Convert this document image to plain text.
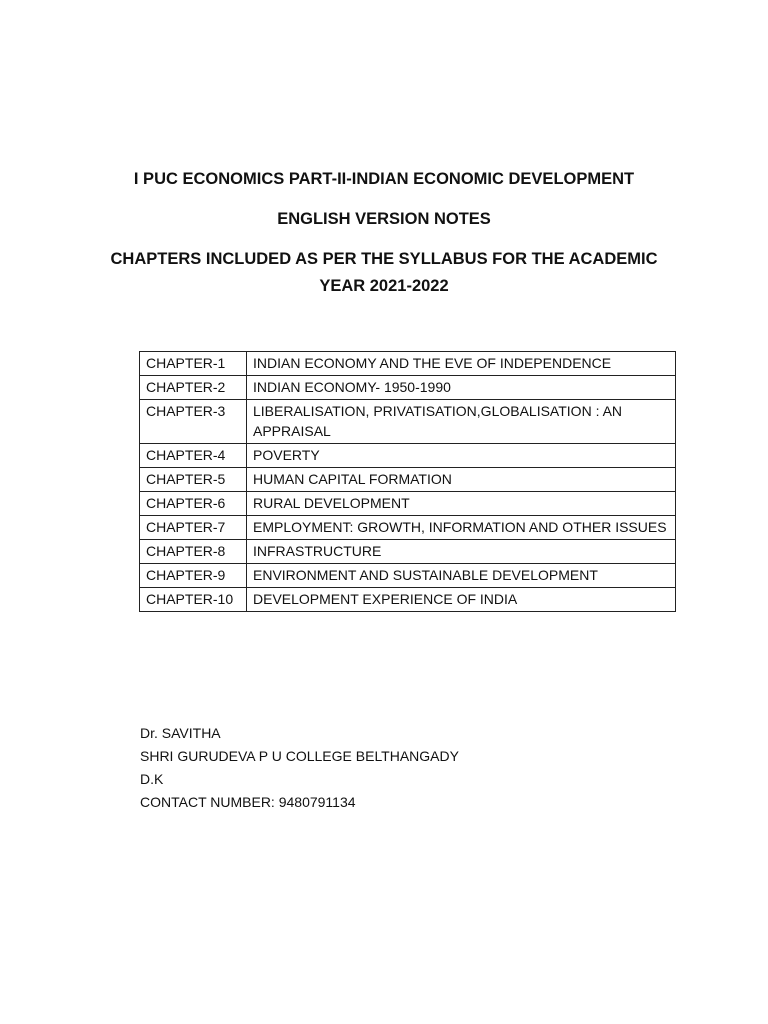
I PUC ECONOMICS PART-II-INDIAN ECONOMIC DEVELOPMENT
ENGLISH VERSION NOTES
CHAPTERS INCLUDED AS PER THE SYLLABUS FOR THE ACADEMIC
YEAR 2021-2022
CHAPTER-1	INDIAN ECONOMY AND THE EVE OF INDEPENDENCE
CHAPTER-2	INDIAN ECONOMY- 1950-1990
CHAPTER-3	LIBERALISATION, PRIVATISATION,GLOBALISATION : AN APPRAISAL
CHAPTER-4	POVERTY
CHAPTER-5	HUMAN CAPITAL FORMATION
CHAPTER-6	RURAL DEVELOPMENT
CHAPTER-7	EMPLOYMENT: GROWTH, INFORMATION AND OTHER ISSUES
CHAPTER-8	INFRASTRUCTURE
CHAPTER-9	ENVIRONMENT AND SUSTAINABLE DEVELOPMENT
CHAPTER-10	DEVELOPMENT EXPERIENCE OF INDIA
Dr. SAVITHA
SHRI GURUDEVA P U COLLEGE BELTHANGADY
D.K
CONTACT NUMBER: 9480791134
